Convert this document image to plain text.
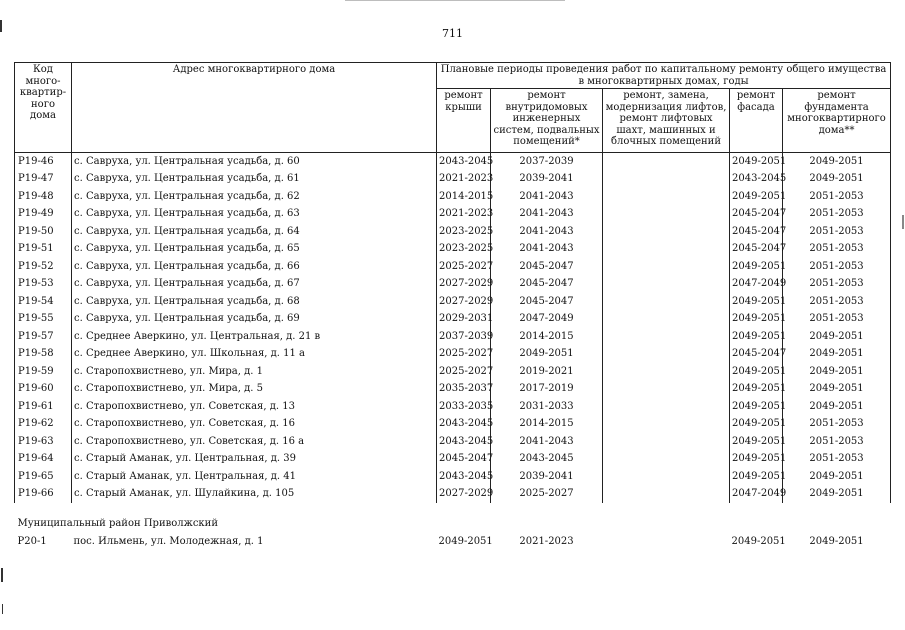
711
Код много-квартир-ного дома	Адрес многоквартирного дома	Плановые периоды проведения работ по капитальному ремонту общего имущества в многоквартирных домах, годы				
		ремонт крыши	ремонт внутридомовых инженерных систем, подвальных помещений*	ремонт, замена, модернизация лифтов, ремонт лифтовых шахт, машинных и блочных помещений	ремонт фасада	ремонт фундамента многоквартирного дома**
P19-46	с. Савруха, ул. Центральная усадьба, д. 60	2043-2045	2037-2039		2049-2051	2049-2051
P19-47	с. Савруха, ул. Центральная усадьба, д. 61	2021-2023	2039-2041		2043-2045	2049-2051
P19-48	с. Савруха, ул. Центральная усадьба, д. 62	2014-2015	2041-2043		2049-2051	2051-2053
P19-49	с. Савруха, ул. Центральная усадьба, д. 63	2021-2023	2041-2043		2045-2047	2051-2053
P19-50	с. Савруха, ул. Центральная усадьба, д. 64	2023-2025	2041-2043		2045-2047	2051-2053
P19-51	с. Савруха, ул. Центральная усадьба, д. 65	2023-2025	2041-2043		2045-2047	2051-2053
P19-52	с. Савруха, ул. Центральная усадьба, д. 66	2025-2027	2045-2047		2049-2051	2051-2053
P19-53	с. Савруха, ул. Центральная усадьба, д. 67	2027-2029	2045-2047		2047-2049	2051-2053
P19-54	с. Савруха, ул. Центральная усадьба, д. 68	2027-2029	2045-2047		2049-2051	2051-2053
P19-55	с. Савруха, ул. Центральная усадьба, д. 69	2029-2031	2047-2049		2049-2051	2051-2053
P19-57	с. Среднее Аверкино, ул. Центральная, д. 21 в	2037-2039	2014-2015		2049-2051	2049-2051
P19-58	с. Среднее Аверкино, ул. Школьная, д. 11 а	2025-2027	2049-2051		2045-2047	2049-2051
P19-59	с. Старопохвистнево, ул. Мира, д. 1	2025-2027	2019-2021		2049-2051	2049-2051
P19-60	с. Старопохвистнево, ул. Мира, д. 5	2035-2037	2017-2019		2049-2051	2049-2051
P19-61	с. Старопохвистнево, ул. Советская, д. 13	2033-2035	2031-2033		2049-2051	2049-2051
P19-62	с. Старопохвистнево, ул. Советская, д. 16	2043-2045	2014-2015		2049-2051	2051-2053
P19-63	с. Старопохвистнево, ул. Советская, д. 16 а	2043-2045	2041-2043		2049-2051	2051-2053
P19-64	с. Старый Аманак, ул. Центральная, д. 39	2045-2047	2043-2045		2049-2051	2051-2053
P19-65	с. Старый Аманак, ул. Центральная, д. 41	2043-2045	2039-2041		2049-2051	2049-2051
P19-66	с. Старый Аманак, ул. Шулайкина, д. 105	2027-2029	2025-2027		2047-2049	2049-2051

Муниципальный район Приволжский						
P20-1	пос. Ильмень, ул. Молодежная, д. 1	2049-2051	2021-2023		2049-2051	2049-2051
